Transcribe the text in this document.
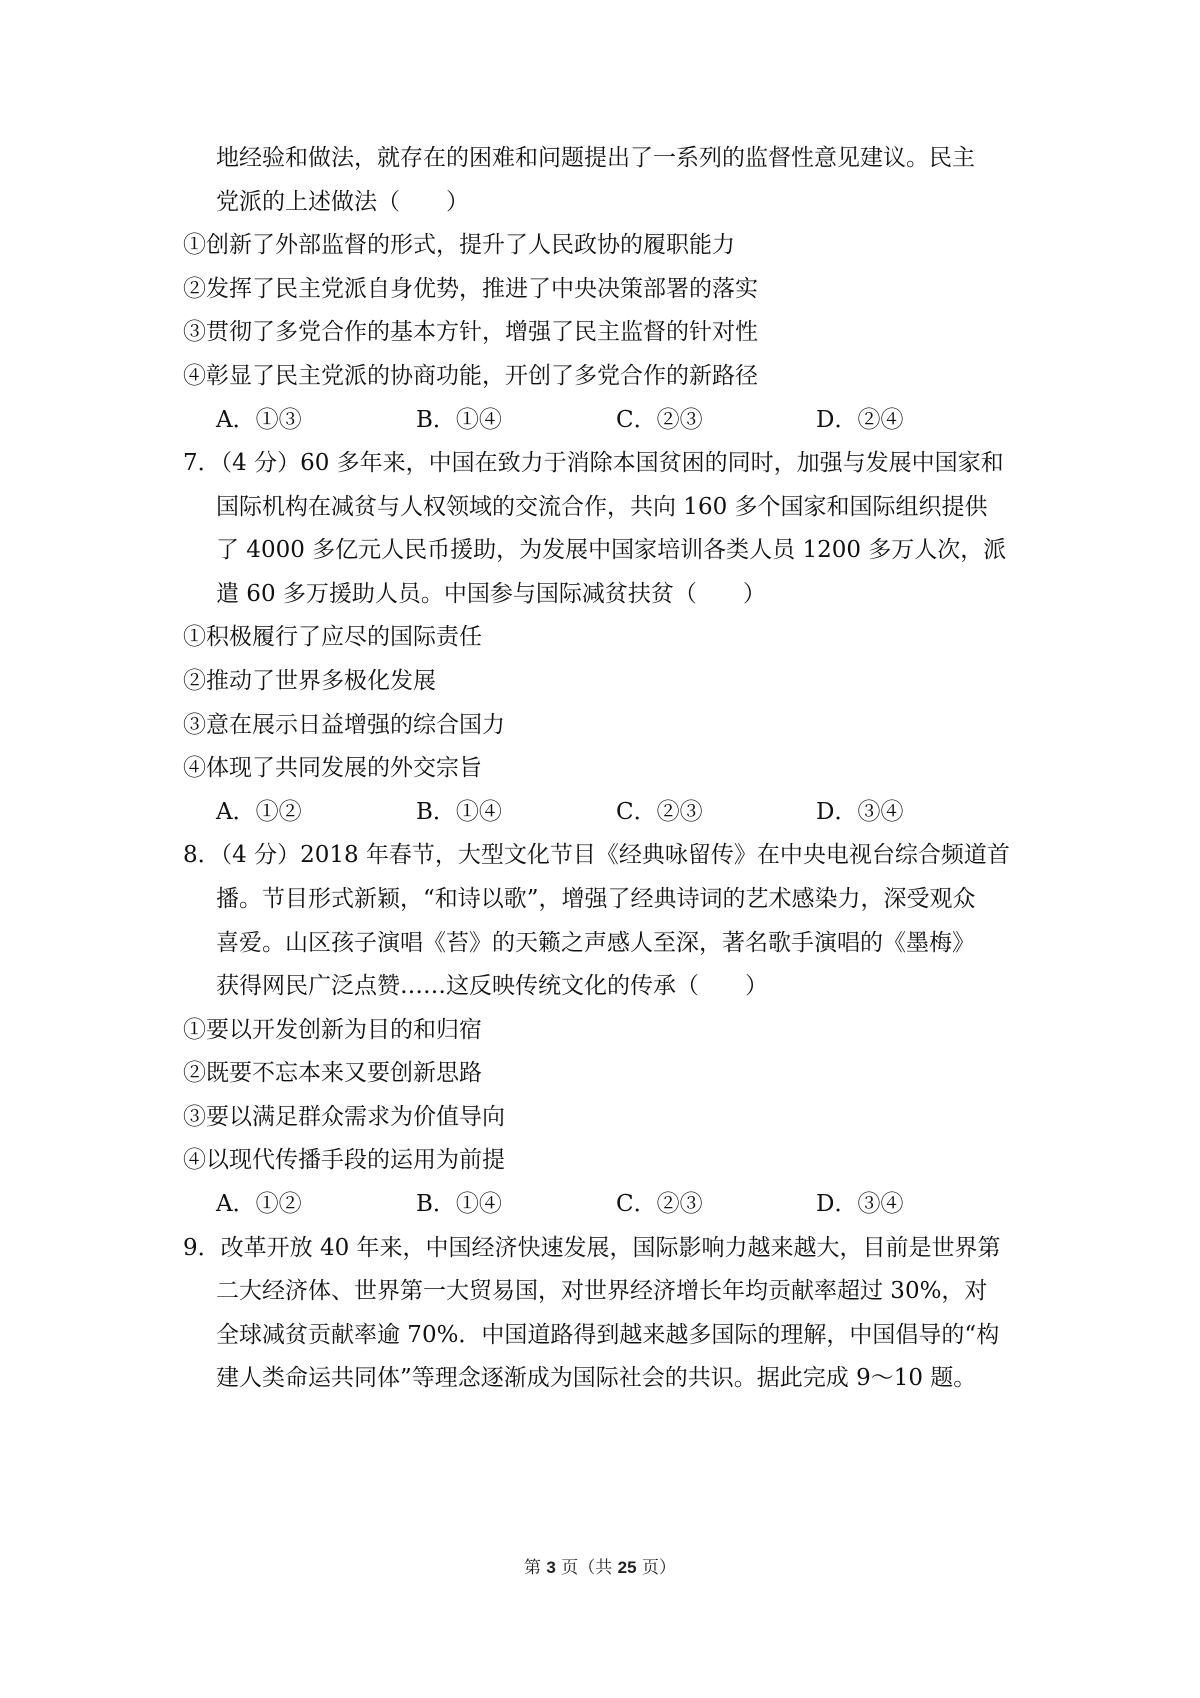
地经验和做法，就存在的困难和问题提出了一系列的监督性意见建议。民主
党派的上述做法（　　）
①创新了外部监督的形式，提升了人民政协的履职能力
②发挥了民主党派自身优势，推进了中央决策部署的落实
③贯彻了多党合作的基本方针，增强了民主监督的针对性
④彰显了民主党派的协商功能，开创了多党合作的新路径
A．①③	B．①④	C．②③	D．②④
7．（4 分）60 多年来，中国在致力于消除本国贫困的同时，加强与发展中国家和
国际机构在减贫与人权领域的交流合作，共向 160 多个国家和国际组织提供
了 4000 多亿元人民币援助，为发展中国家培训各类人员 1200 多万人次，派
遣 60 多万援助人员。中国参与国际减贫扶贫（　　）
①积极履行了应尽的国际责任
②推动了世界多极化发展
③意在展示日益增强的综合国力
④体现了共同发展的外交宗旨
A．①②	B．①④	C．②③	D．③④
8．（4 分）2018 年春节，大型文化节目《经典咏留传》在中央电视台综合频道首
播。节目形式新颖，“和诗以歌”，增强了经典诗词的艺术感染力，深受观众
喜爱。山区孩子演唱《苔》的天籁之声感人至深，著名歌手演唱的《墨梅》
获得网民广泛点赞……这反映传统文化的传承（　　）
①要以开发创新为目的和归宿
②既要不忘本来又要创新思路
③要以满足群众需求为价值导向
④以现代传播手段的运用为前提
A．①②	B．①④	C．②③	D．③④
9．改革开放 40 年来，中国经济快速发展，国际影响力越来越大，目前是世界第
二大经济体、世界第一大贸易国，对世界经济增长年均贡献率超过 30%，对
全球减贫贡献率逾 70%．中国道路得到越来越多国际的理解，中国倡导的“构
建人类命运共同体”等理念逐渐成为国际社会的共识。据此完成 9～10 题。
第 3 页（共 25 页）
